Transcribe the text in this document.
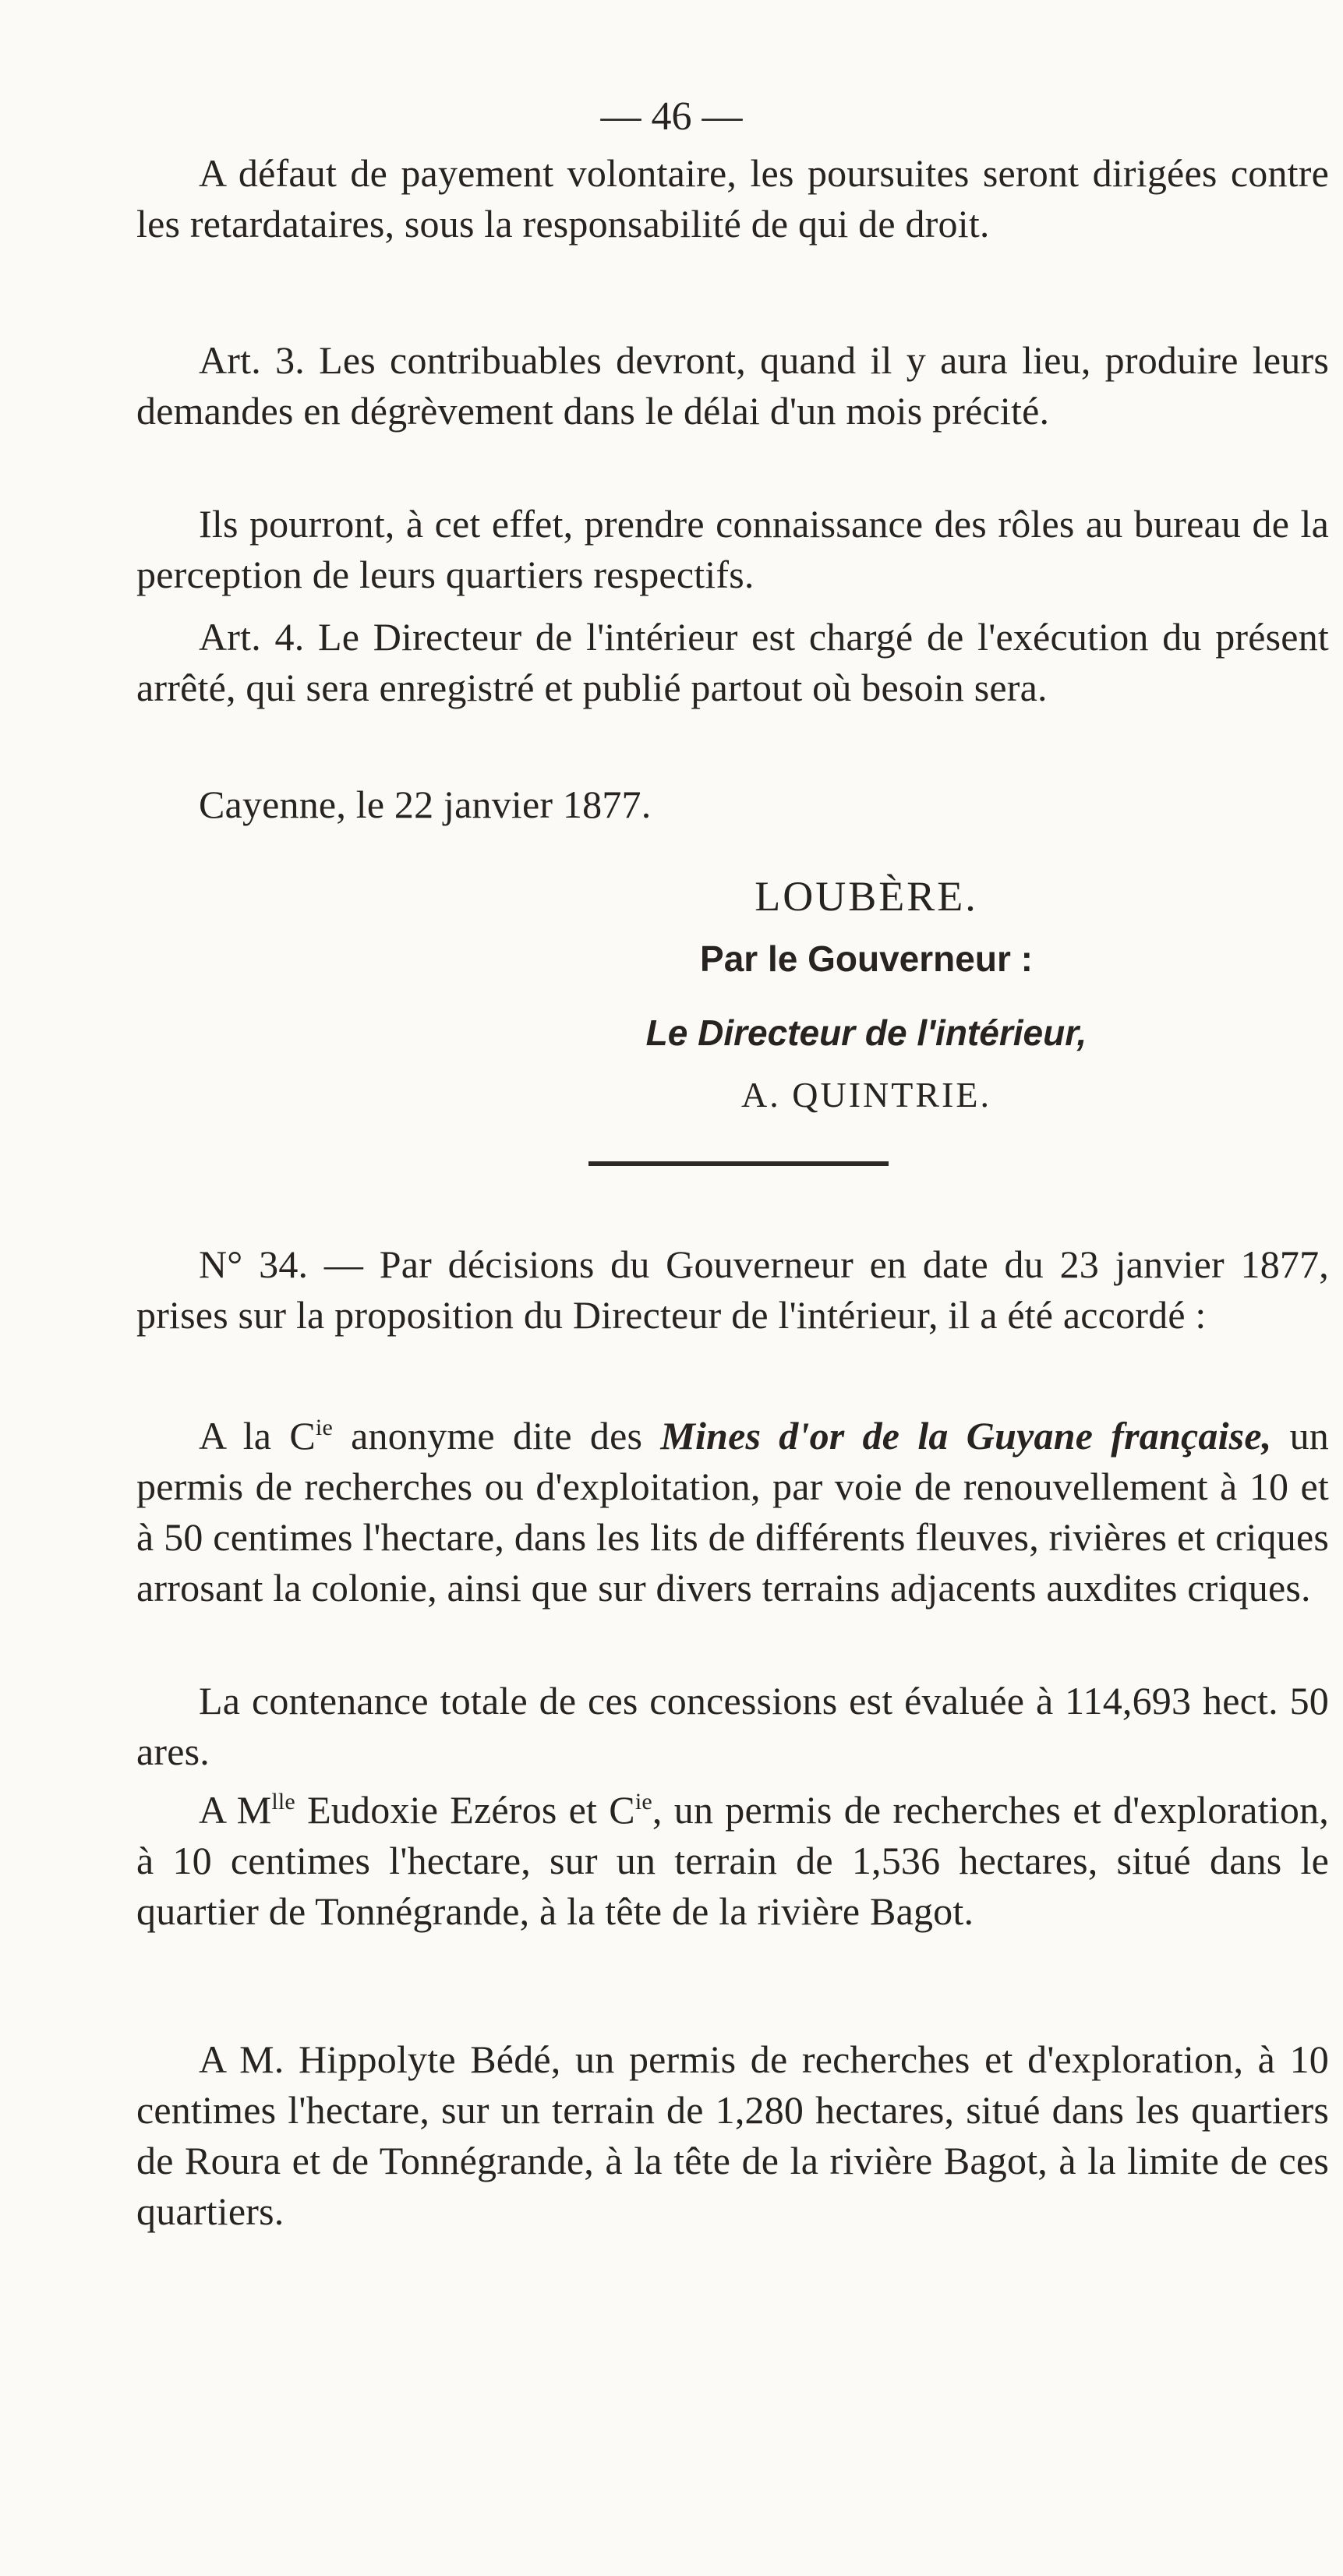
— 46 —

A défaut de payement volontaire, les poursuites seront dirigées contre les retardataires, sous la responsabilité de qui de droit.

Art. 3. Les contribuables devront, quand il y aura lieu, produire leurs demandes en dégrèvement dans le délai d'un mois précité.

Ils pourront, à cet effet, prendre connaissance des rôles au bureau de la perception de leurs quartiers respectifs.

Art. 4. Le Directeur de l'intérieur est chargé de l'exécution du présent arrêté, qui sera enregistré et publié partout où besoin sera.

Cayenne, le 22 janvier 1877.

LOUBÈRE.
Par le Gouverneur :
Le Directeur de l'intérieur,
A. QUINTRIE.

N° 34. — Par décisions du Gouverneur en date du 23 janvier 1877, prises sur la proposition du Directeur de l'intérieur, il a été accordé :

A la $C^{ie}$ anonyme dite des Mines d'or de la Guyane française, un permis de recherches ou d'exploitation, par voie de renouvellement à 10 et à 50 centimes l'hectare, dans les lits de différents fleuves, rivières et criques arrosant la colonie, ainsi que sur divers terrains adjacents auxdites criques.

La contenance totale de ces concessions est évaluée à 114,693 hect. 50 ares.

A $M^{lle}$ Eudoxie Ezéros et $C^{ie}$, un permis de recherches et d'exploration, à 10 centimes l'hectare, sur un terrain de 1,536 hectares, situé dans le quartier de Tonnégrande, à la tête de la rivière Bagot.

A M. Hippolyte Bédé, un permis de recherches et d'exploration, à 10 centimes l'hectare, sur un terrain de 1,280 hectares, situé dans les quartiers de Roura et de Tonnégrande, à la tête de la rivière Bagot, à la limite de ces quartiers.
